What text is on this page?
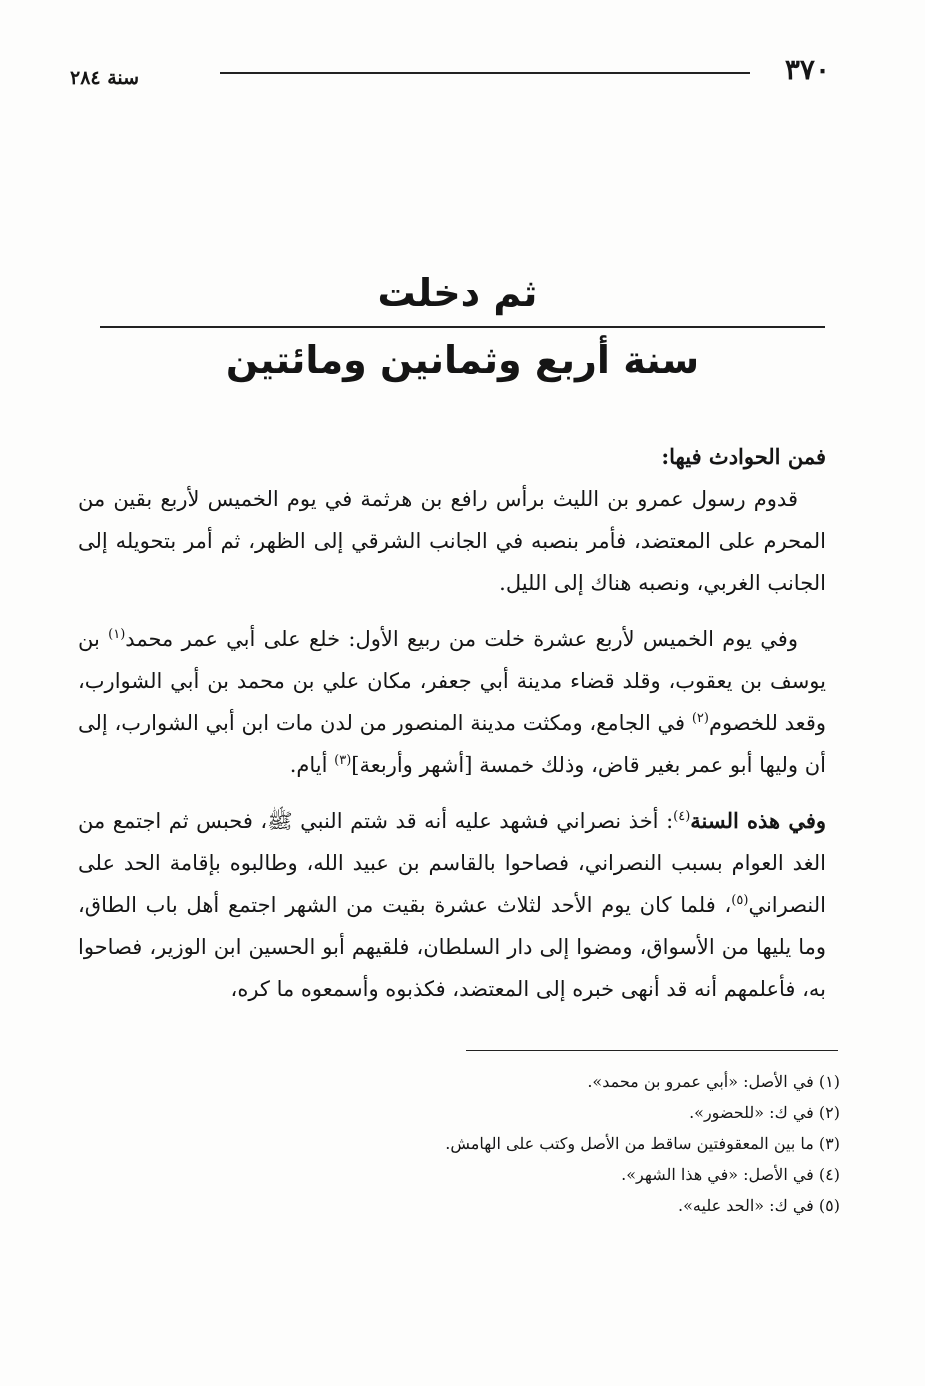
٣٧٠
سنة ٢٨٤
ثم دخلت
سنة أربع وثمانين ومائتين

فمن الحوادث فيها:

قدوم رسول عمرو بن الليث برأس رافع بن هرثمة في يوم الخميس لأربع بقين من المحرم على المعتضد، فأمر بنصبه في الجانب الشرقي إلى الظهر، ثم أمر بتحويله إلى الجانب الغربي، ونصبه هناك إلى الليل.

وفي يوم الخميس لأربع عشرة خلت من ربيع الأول: خلع على أبي عمر محمد$^{(١)}$ بن يوسف بن يعقوب، وقلد قضاء مدينة أبي جعفر، مكان علي بن محمد بن أبي الشوارب، وقعد للخصوم$^{(٢)}$ في الجامع، ومكثت مدينة المنصور من لدن مات ابن أبي الشوارب، إلى أن وليها أبو عمر بغير قاض، وذلك خمسة [أشهر وأربعة]$^{(٣)}$ أيام.

وفي هذه السنة$^{(٤)}$: أخذ نصراني فشهد عليه أنه قد شتم النبي ﷺ، فحبس ثم اجتمع من الغد العوام بسبب النصراني، فصاحوا بالقاسم بن عبيد الله، وطالبوه بإقامة الحد على النصراني$^{(٥)}$، فلما كان يوم الأحد لثلاث عشرة بقيت من الشهر اجتمع أهل باب الطاق، وما يليها من الأسواق، ومضوا إلى دار السلطان، فلقيهم أبو الحسين ابن الوزير، فصاحوا به، فأعلمهم أنه قد أنهى خبره إلى المعتضد، فكذبوه وأسمعوه ما كره،

(١) في الأصل: «أبي عمرو بن محمد».

(٢) في ك: «للحضور».

(٣) ما بين المعقوفتين ساقط من الأصل وكتب على الهامش.

(٤) في الأصل: «في هذا الشهر».

(٥) في ك: «الحد عليه».
